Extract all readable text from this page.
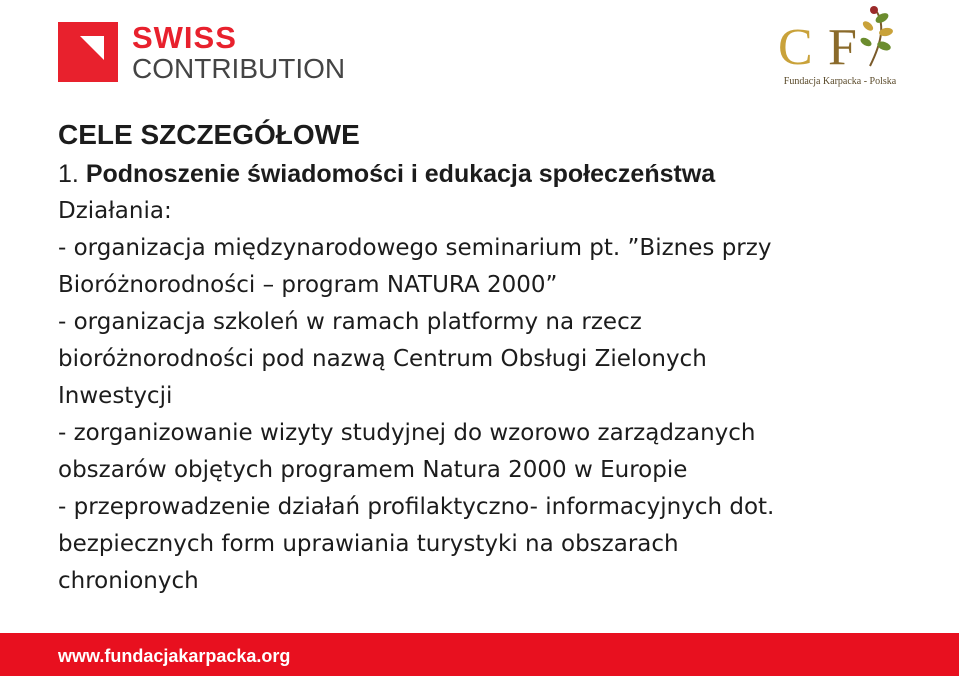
SWISS
CONTRIBUTION	C F
Fundacja Karpacka - Polska
CELE SZCZEGÓŁOWE
1. Podnoszenie świadomości i edukacja społeczeństwa

Działania:

- organizacja międzynarodowego seminarium pt. ”Biznes przy

Bioróżnorodności – program NATURA 2000”

- organizacja szkoleń w ramach platformy na rzecz

bioróżnorodności pod nazwą Centrum Obsługi Zielonych

Inwestycji

- zorganizowanie wizyty studyjnej do wzorowo zarządzanych

obszarów objętych programem Natura 2000 w Europie

- przeprowadzenie działań profilaktyczno- informacyjnych dot.

bezpiecznych form uprawiania turystyki na obszarach

chronionych

www.fundacjakarpacka.org
